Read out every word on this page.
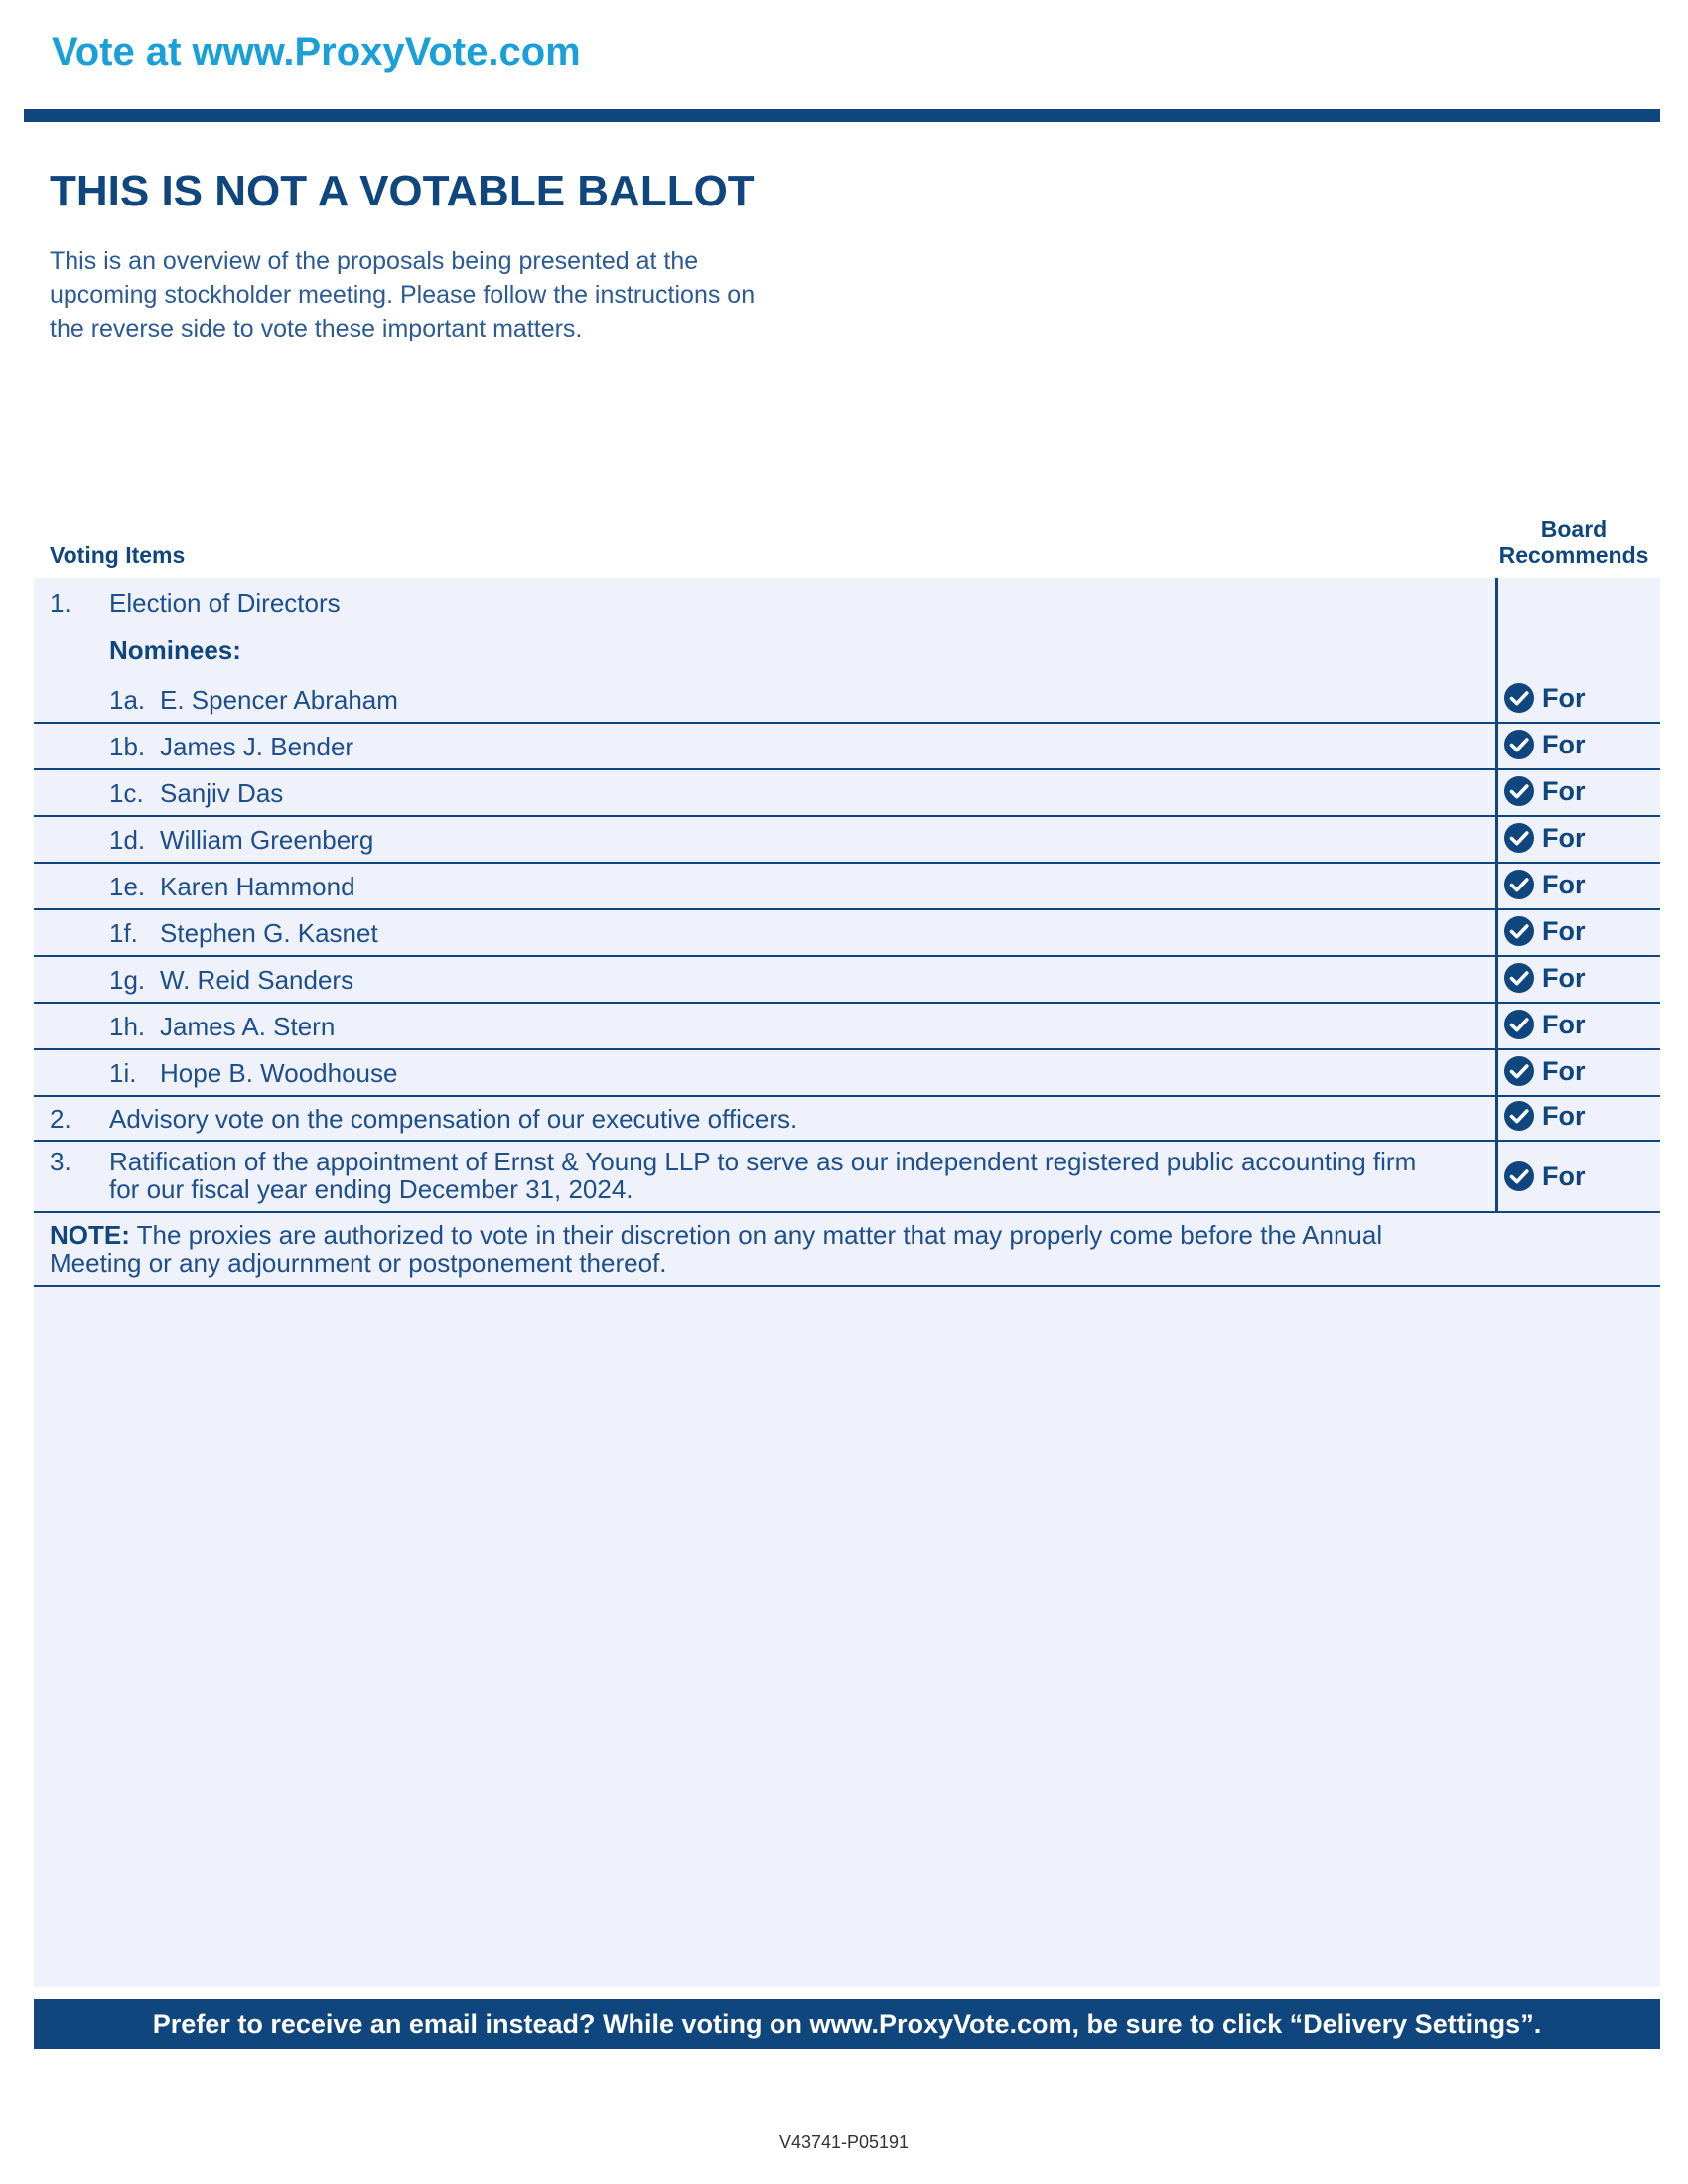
Vote at www.ProxyVote.com
THIS IS NOT A VOTABLE BALLOT
This is an overview of the proposals being presented at the
upcoming stockholder meeting. Please follow the instructions on
the reverse side to vote these important matters.
Voting Items
Board
Recommends
1. Election of Directors
Nominees:
1a. E. Spencer Abraham	For
1b. James J. Bender	For
1c. Sanjiv Das	For
1d. William Greenberg	For
1e. Karen Hammond	For
1f. Stephen G. Kasnet	For
1g. W. Reid Sanders	For
1h. James A. Stern	For
1i. Hope B. Woodhouse	For
2. Advisory vote on the compensation of our executive officers.	For
3. Ratification of the appointment of Ernst & Young LLP to serve as our independent registered public accounting firm
for our fiscal year ending December 31, 2024.	For
NOTE: The proxies are authorized to vote in their discretion on any matter that may properly come before the Annual
Meeting or any adjournment or postponement thereof.
Prefer to receive an email instead? While voting on www.ProxyVote.com, be sure to click “Delivery Settings”.
V43741-P05191
